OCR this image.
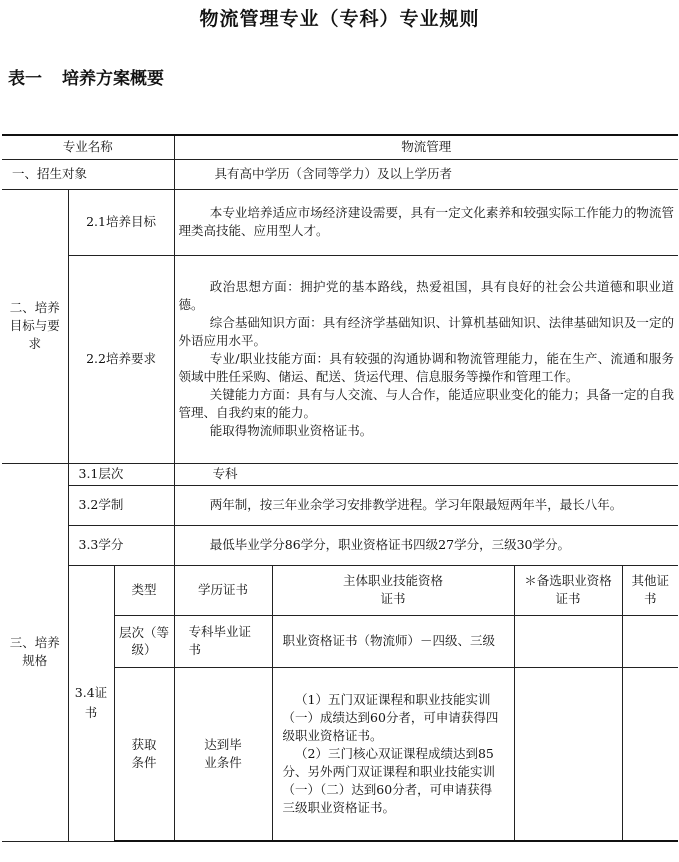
物流管理专业（专科）专业规则
表一 培养方案概要
专业名称			物流管理			
一、招生对象			具有高中学历（含同等学力）及以上学历者			
二、培养目标与要求	2.1培养目标		本专业培养适应市场经济建设需要，具有一定文化素养和较强实际工作能力的物流管理类高技能、应用型人才。			

	2.2培养要求		政治思想方面：拥护党的基本路线，热爱祖国，具有良好的社会公共道德和职业道德。

综合基础知识方面：具有经济学基础知识、计算机基础知识、法律基础知识及一定的外语应用水平。

专业/职业技能方面：具有较强的沟通协调和物流管理能力，能在生产、流通和服务领域中胜任采购、储运、配送、货运代理、信息服务等操作和管理工作。

关键能力方面：具有与人交流、与人合作，能适应职业变化的能力；具备一定的自我管理、自我约束的能力。

能取得物流师职业资格证书。			

三、培养规格	3.1层次		专科			
	3.2学制		两年制，按三年业余学习安排教学进程。学习年限最短两年半，最长八年。			

	3.3学分		最低毕业学分86学分，职业资格证书四级27学分，三级30学分。			

	3.4证书	类型	学历证书	主体职业技能资格证书	＊备选职业资格证书	其他证书
		层次（等级）	专科毕业证书	职业资格证书（物流师）－四级、三级		
		获取条件	达到毕业条件	（1）五门双证课程和职业技能实训（一）成绩达到60分者，可申请获得四级职业资格证书。

（2）三门核心双证课程成绩达到85分、另外两门双证课程和职业技能实训（一）（二）达到60分者，可申请获得三级职业资格证书。		
